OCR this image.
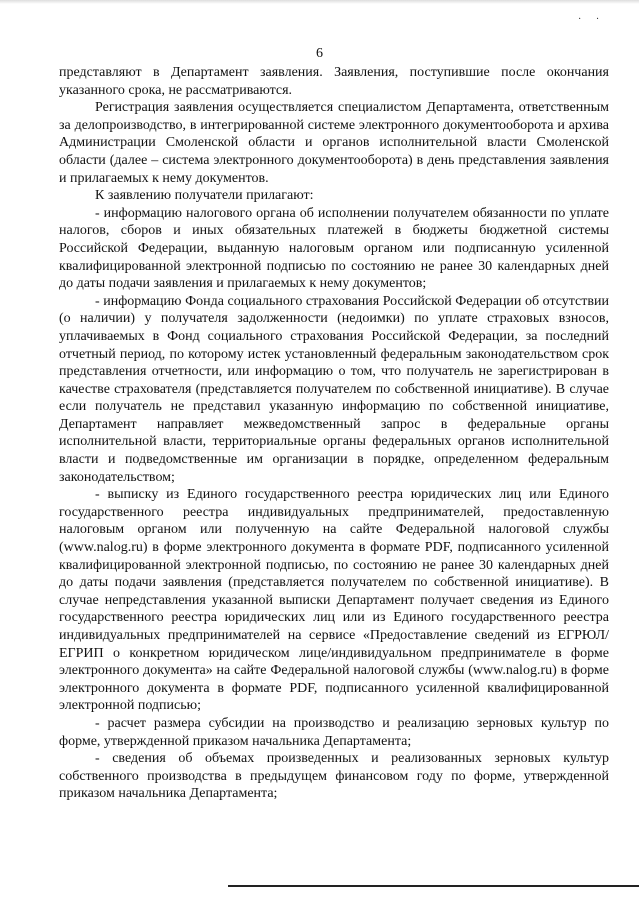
· ·
6

представляют в Департамент заявления. Заявления, поступившие после окончания указанного срока, не рассматриваются.

Регистрация заявления осуществляется специалистом Департамента, ответственным за делопроизводство, в интегрированной системе электронного документооборота и архива Администрации Смоленской области и органов исполнительной власти Смоленской области (далее – система электронного документооборота) в день представления заявления и прилагаемых к нему документов.

К заявлению получатели прилагают:

- информацию налогового органа об исполнении получателем обязанности по уплате налогов, сборов и иных обязательных платежей в бюджеты бюджетной системы Российской Федерации, выданную налоговым органом или подписанную усиленной квалифицированной электронной подписью по состоянию не ранее 30 календарных дней до даты подачи заявления и прилагаемых к нему документов;

- информацию Фонда социального страхования Российской Федерации об отсутствии (о наличии) у получателя задолженности (недоимки) по уплате страховых взносов, уплачиваемых в Фонд социального страхования Российской Федерации, за последний отчетный период, по которому истек установленный федеральным законодательством срок представления отчетности, или информацию о том, что получатель не зарегистрирован в качестве страхователя (представляется получателем по собственной инициативе). В случае если получатель не представил указанную информацию по собственной инициативе, Департамент направляет межведомственный запрос в федеральные органы исполнительной власти, территориальные органы федеральных органов исполнительной власти и подведомственные им организации в порядке, определенном федеральным законодательством;

- выписку из Единого государственного реестра юридических лиц или Единого государственного реестра индивидуальных предпринимателей, предоставленную налоговым органом или полученную на сайте Федеральной налоговой службы (www.nalog.ru) в форме электронного документа в формате PDF, подписанного усиленной квалифицированной электронной подписью, по состоянию не ранее 30 календарных дней до даты подачи заявления (представляется получателем по собственной инициативе). В случае непредставления указанной выписки Департамент получает сведения из Единого государственного реестра юридических лиц или из Единого государственного реестра индивидуальных предпринимателей на сервисе «Предоставление сведений из ЕГРЮЛ/ЕГРИП о конкретном юридическом лице/индивидуальном предпринимателе в форме электронного документа» на сайте Федеральной налоговой службы (www.nalog.ru) в форме электронного документа в формате PDF, подписанного усиленной квалифицированной электронной подписью;

- расчет размера субсидии на производство и реализацию зерновых культур по форме, утвержденной приказом начальника Департамента;

- сведения об объемах произведенных и реализованных зерновых культур собственного производства в предыдущем финансовом году по форме, утвержденной приказом начальника Департамента;
